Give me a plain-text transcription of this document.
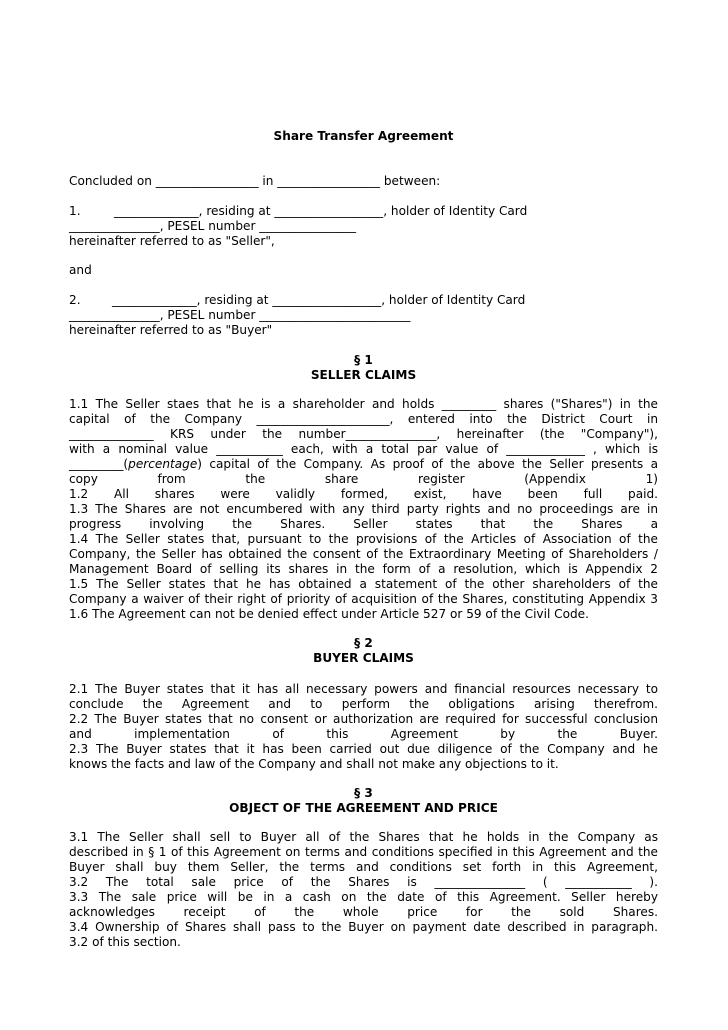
Share Transfer Agreement
Concluded on _________________ in _________________ between:
1.	______________, residing at __________________, holder of Identity Card
_______________, PESEL number ________________
hereinafter referred to as "Seller",
and
2.	______________, residing at __________________, holder of Identity Card
_______________, PESEL number _________________________
hereinafter referred to as "Buyer"
§ 1
SELLER CLAIMS
1.1 The Seller staes that he is a shareholder and holds _________ shares ("Shares") in the
capital of the Company ______________________, entered into the District Court in
______________ KRS under the number_______________, hereinafter (the "Company"),
with a nominal value ___________ each, with a total par value of _____________ , which is
_________(percentage) capital of the Company. As proof of the above the Seller presents a
copy from the share register (Appendix 1)
1.2 All shares were validly formed, exist, have been full paid.
1.3 The Shares are not encumbered with any third party rights and no proceedings are in
progress involving the Shares. Seller states that the Shares a
1.4 The Seller states that, pursuant to the provisions of the Articles of Association of the
Company, the Seller has obtained the consent of the Extraordinary Meeting of Shareholders /
Management Board of selling its shares in the form of a resolution, which is Appendix 2
1.5 The Seller states that he has obtained a statement of the other shareholders of the
Company a waiver of their right of priority of acquisition of the Shares, constituting Appendix 3
1.6 The Agreement can not be denied effect under Article 527 or 59 of the Civil Code.
§ 2
BUYER CLAIMS
2.1 The Buyer states that it has all necessary powers and financial resources necessary to
conclude the Agreement and to perform the obligations arising therefrom.
2.2 The Buyer states that no consent or authorization are required for successful conclusion
and implementation of this Agreement by the Buyer.
2.3 The Buyer states that it has been carried out due diligence of the Company and he
knows the facts and law of the Company and shall not make any objections to it.
§ 3
OBJECT OF THE AGREEMENT AND PRICE
3.1 The Seller shall sell to Buyer all of the Shares that he holds in the Company as
described in § 1 of this Agreement on terms and conditions specified in this Agreement and the
Buyer shall buy them Seller, the terms and conditions set forth in this Agreement,
3.2 The total sale price of the Shares is _______________ ( ___________ ).
3.3 The sale price will be in a cash on the date of this Agreement. Seller hereby
acknowledges receipt of the whole price for the sold Shares.
3.4 Ownership of Shares shall pass to the Buyer on payment date described in paragraph.
3.2 of this section.
